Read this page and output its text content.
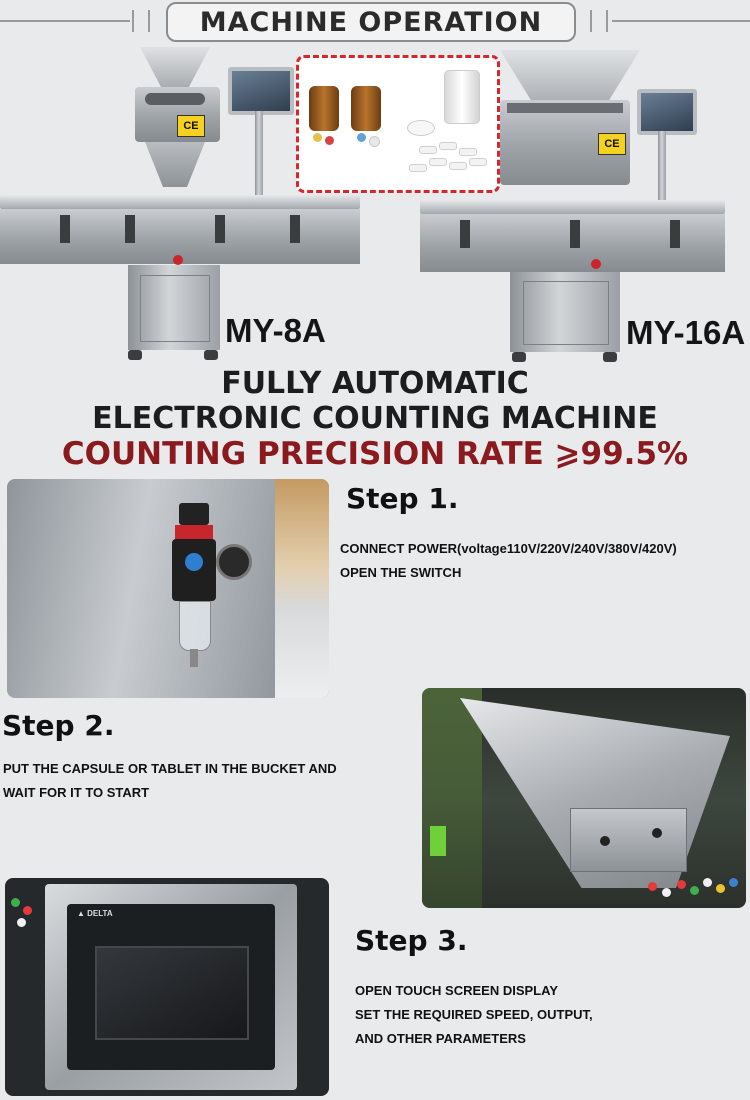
MACHINE OPERATION
CE
MY-8A
CE
MY-16A
FULLY AUTOMATIC
ELECTRONIC COUNTING MACHINE
COUNTING PRECISION RATE ⩾99.5%
Step 1.
CONNECT POWER(voltage110V/220V/240V/380V/420V)
OPEN THE SWITCH
Step 2.
PUT THE CAPSULE OR TABLET IN THE BUCKET AND
WAIT FOR IT TO START
▲ DELTA
Step 3.
OPEN TOUCH SCREEN DISPLAY
SET THE REQUIRED SPEED, OUTPUT,
AND OTHER PARAMETERS
